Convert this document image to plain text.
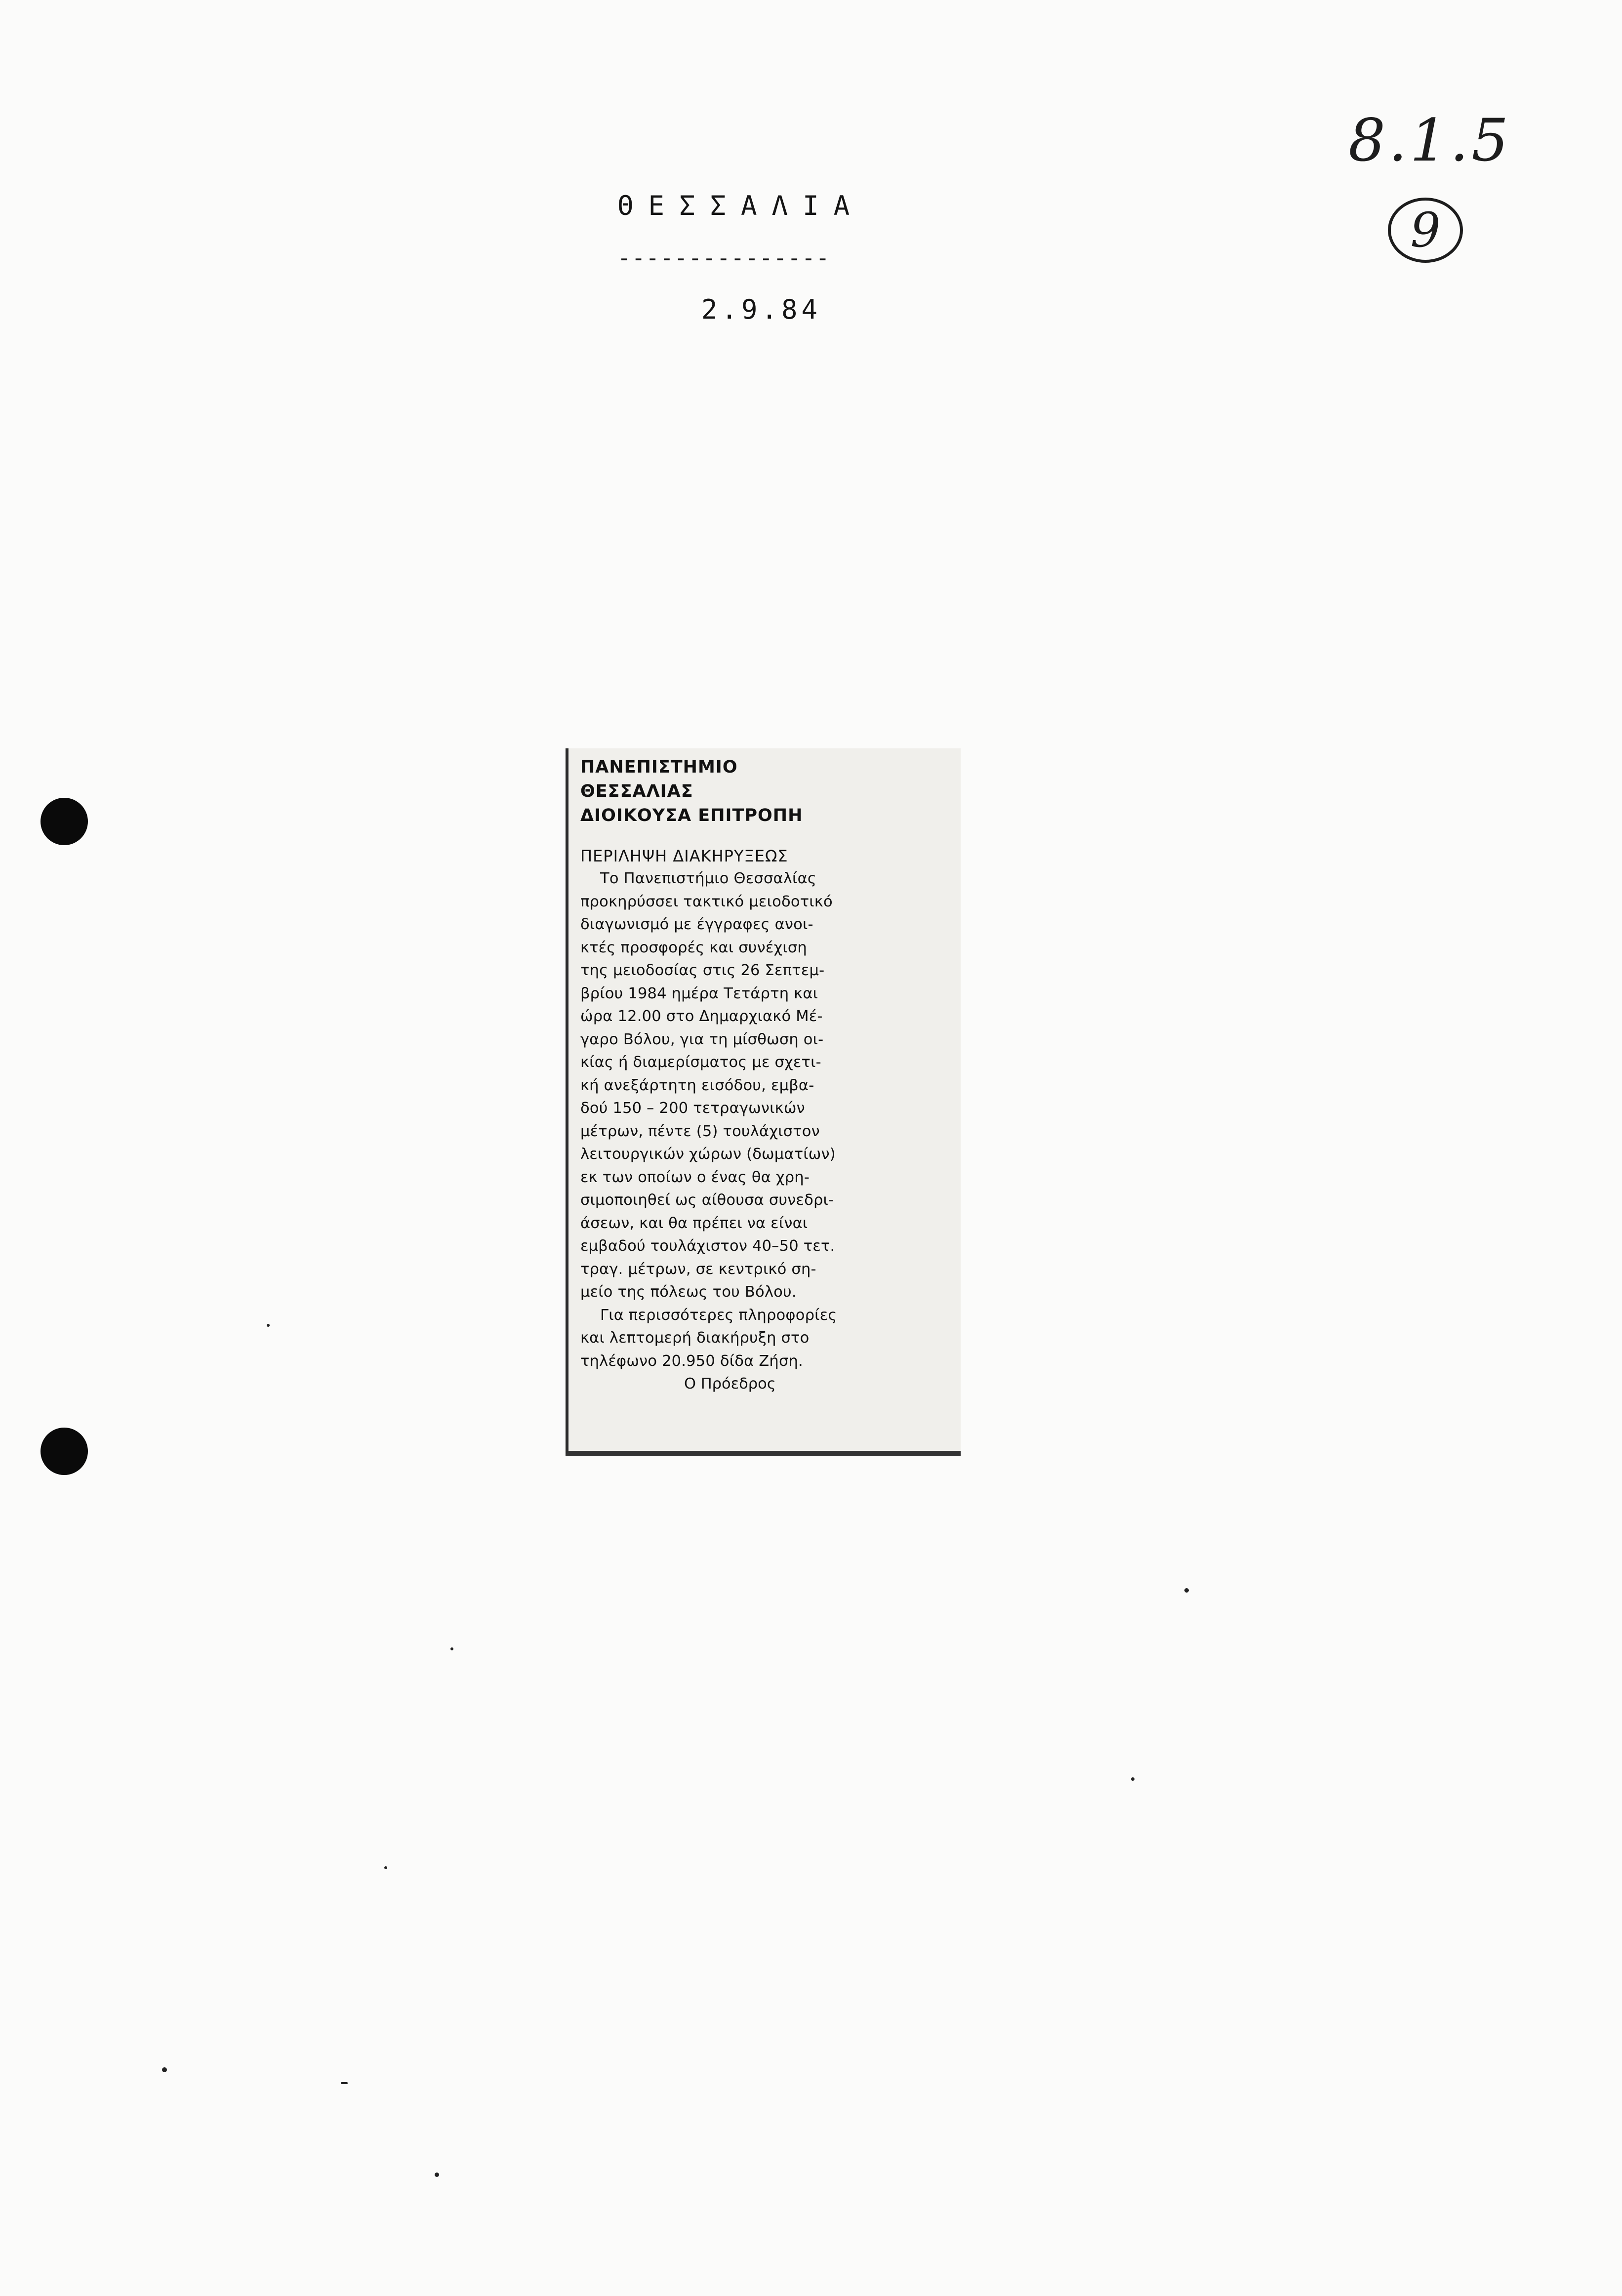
ΘΕΣΣΑΛΙΑ
---------------
2.9.84
8.1.5
9
ΠΑΝΕΠΙΣΤΗΜΙΟ
ΘΕΣΣΑΛΙΑΣ
ΔΙΟΙΚΟΥΣΑ ΕΠΙΤΡΟΠΗ
ΠΕΡΙΛΗΨΗ ΔΙΑΚΗΡΥΞΕΩΣ
Το Πανεπιστήμιο Θεσσαλίας
προκηρύσσει τακτικό μειοδοτικό
διαγωνισμό με έγγραφες ανοι-
κτές προσφορές και συνέχιση
της μειοδοσίας στις 26 Σεπτεμ-
βρίου 1984 ημέρα Τετάρτη και
ώρα 12.00 στο Δημαρχιακό Μέ-
γαρο Βόλου, για τη μίσθωση οι-
κίας ή διαμερίσματος με σχετι-
κή ανεξάρτητη εισόδου, εμβα-
δού 150 – 200 τετραγωνικών
μέτρων, πέντε (5) τουλάχιστον
λειτουργικών χώρων (δωματίων)
εκ των οποίων ο ένας θα χρη-
σιμοποιηθεί ως αίθουσα συνεδρι-
άσεων, και θα πρέπει να είναι
εμβαδού τουλάχιστον 40–50 τετ.
τραγ. μέτρων, σε κεντρικό ση-
μείο της πόλεως του Βόλου.
Για περισσότερες πληροφορίες
και λεπτομερή διακήρυξη στο
τηλέφωνο 20.950 δίδα Ζήση.
Ο Πρόεδρος
